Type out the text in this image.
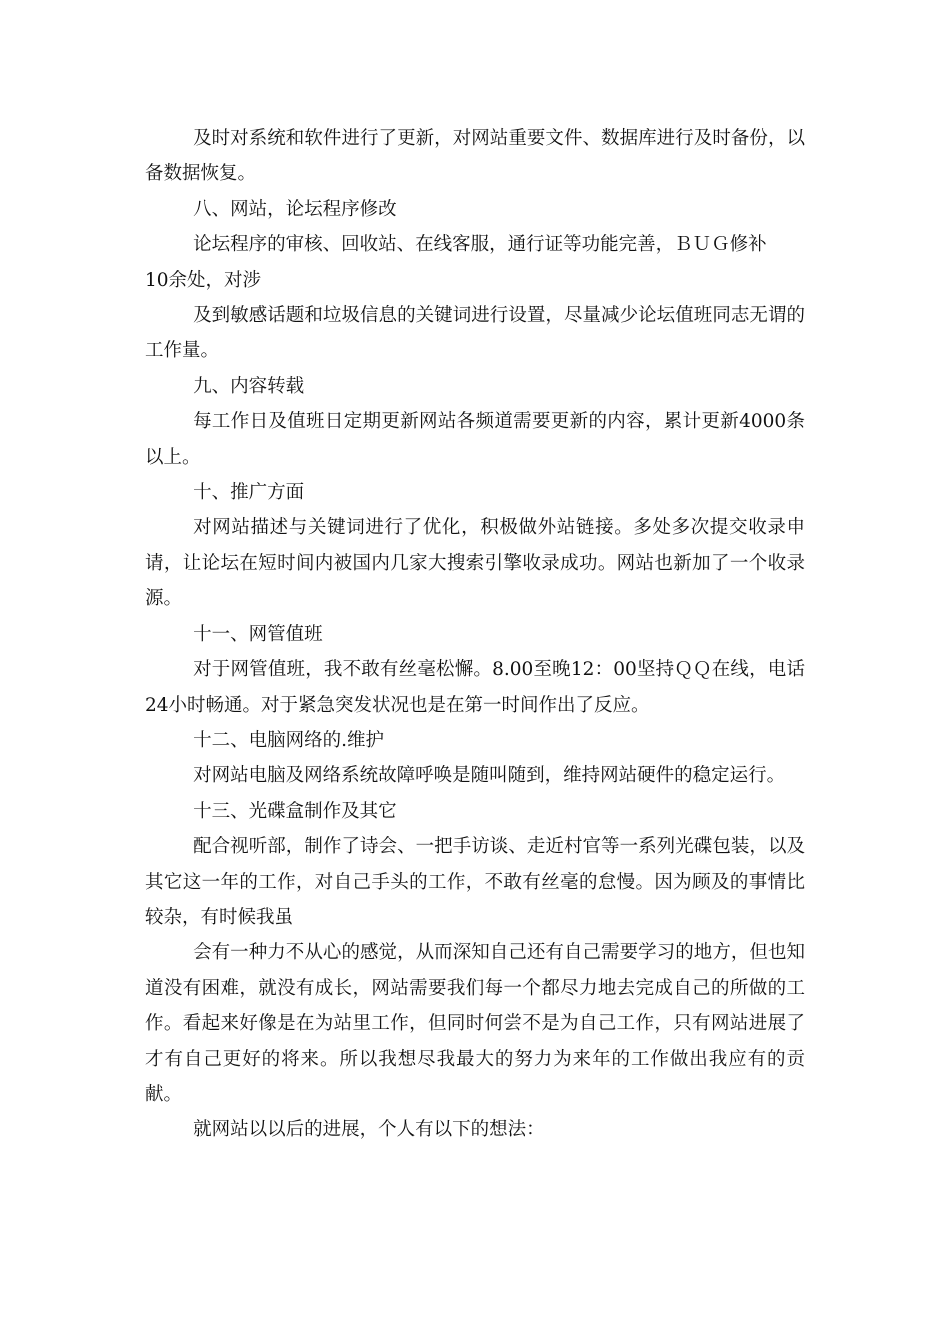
及时对系统和软件进行了更新，对网站重要文件、数据库进行及时备份，以备数据恢复。

八、网站，论坛程序修改

论坛程序的审核、回收站、在线客服，通行证等功能完善，ＢＵＧ修补

10余处，对涉

及到敏感话题和垃圾信息的关键词进行设置，尽量减少论坛值班同志无谓的工作量。

九、内容转载

每工作日及值班日定期更新网站各频道需要更新的内容，累计更新4000条以上。

十、推广方面

对网站描述与关键词进行了优化，积极做外站链接。多处多次提交收录申请，让论坛在短时间内被国内几家大搜索引擎收录成功。网站也新加了一个收录源。

十一、网管值班

对于网管值班，我不敢有丝毫松懈。8.00至晚12：00坚持ＱＱ在线，电话24小时畅通。对于紧急突发状况也是在第一时间作出了反应。

十二、电脑网络的.维护

对网站电脑及网络系统故障呼唤是随叫随到，维持网站硬件的稳定运行。

十三、光碟盒制作及其它

配合视听部，制作了诗会、一把手访谈、走近村官等一系列光碟包装，以及其它这一年的工作，对自己手头的工作，不敢有丝毫的怠慢。因为顾及的事情比较杂，有时候我虽

会有一种力不从心的感觉，从而深知自己还有自己需要学习的地方，但也知道没有困难，就没有成长，网站需要我们每一个都尽力地去完成自己的所做的工作。看起来好像是在为站里工作，但同时何尝不是为自己工作，只有网站进展了才有自己更好的将来。所以我想尽我最大的努力为来年的工作做出我应有的贡献。

就网站以以后的进展，个人有以下的想法：
